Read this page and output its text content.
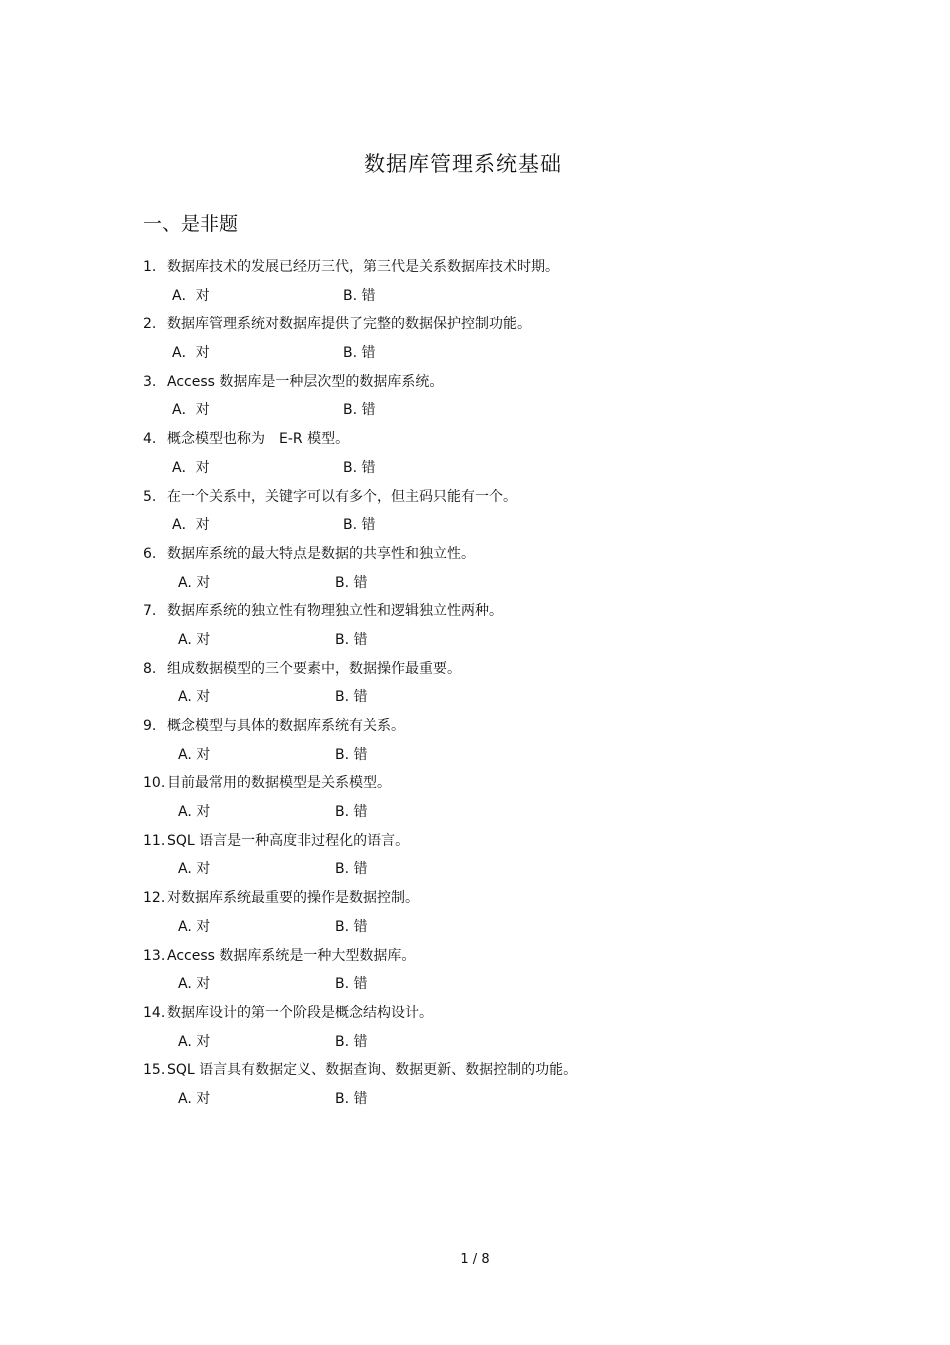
数据库管理系统基础
一、是非题
1. 数据库技术的发展已经历三代，第三代是关系数据库技术时期。
A．对	B. 错
2. 数据库管理系统对数据库提供了完整的数据保护控制功能。
A．对	B. 错
3. Access 数据库是一种层次型的数据库系统。
A．对	B. 错
4. 概念模型也称为　E-R 模型。
A．对	B. 错
5. 在一个关系中，关键字可以有多个，但主码只能有一个。
A．对	B. 错
6. 数据库系统的最大特点是数据的共享性和独立性。
A. 对	B. 错
7. 数据库系统的独立性有物理独立性和逻辑独立性两种。
A. 对	B. 错
8. 组成数据模型的三个要素中，数据操作最重要。
A. 对	B. 错
9. 概念模型与具体的数据库系统有关系。
A. 对	B. 错
10. 目前最常用的数据模型是关系模型。
A. 对	B. 错
11. SQL 语言是一种高度非过程化的语言。
A. 对	B. 错
12. 对数据库系统最重要的操作是数据控制。
A. 对	B. 错
13. Access 数据库系统是一种大型数据库。
A. 对	B. 错
14. 数据库设计的第一个阶段是概念结构设计。
A. 对	B. 错
15. SQL 语言具有数据定义、数据查询、数据更新、数据控制的功能。
A. 对	B. 错
1 / 8
